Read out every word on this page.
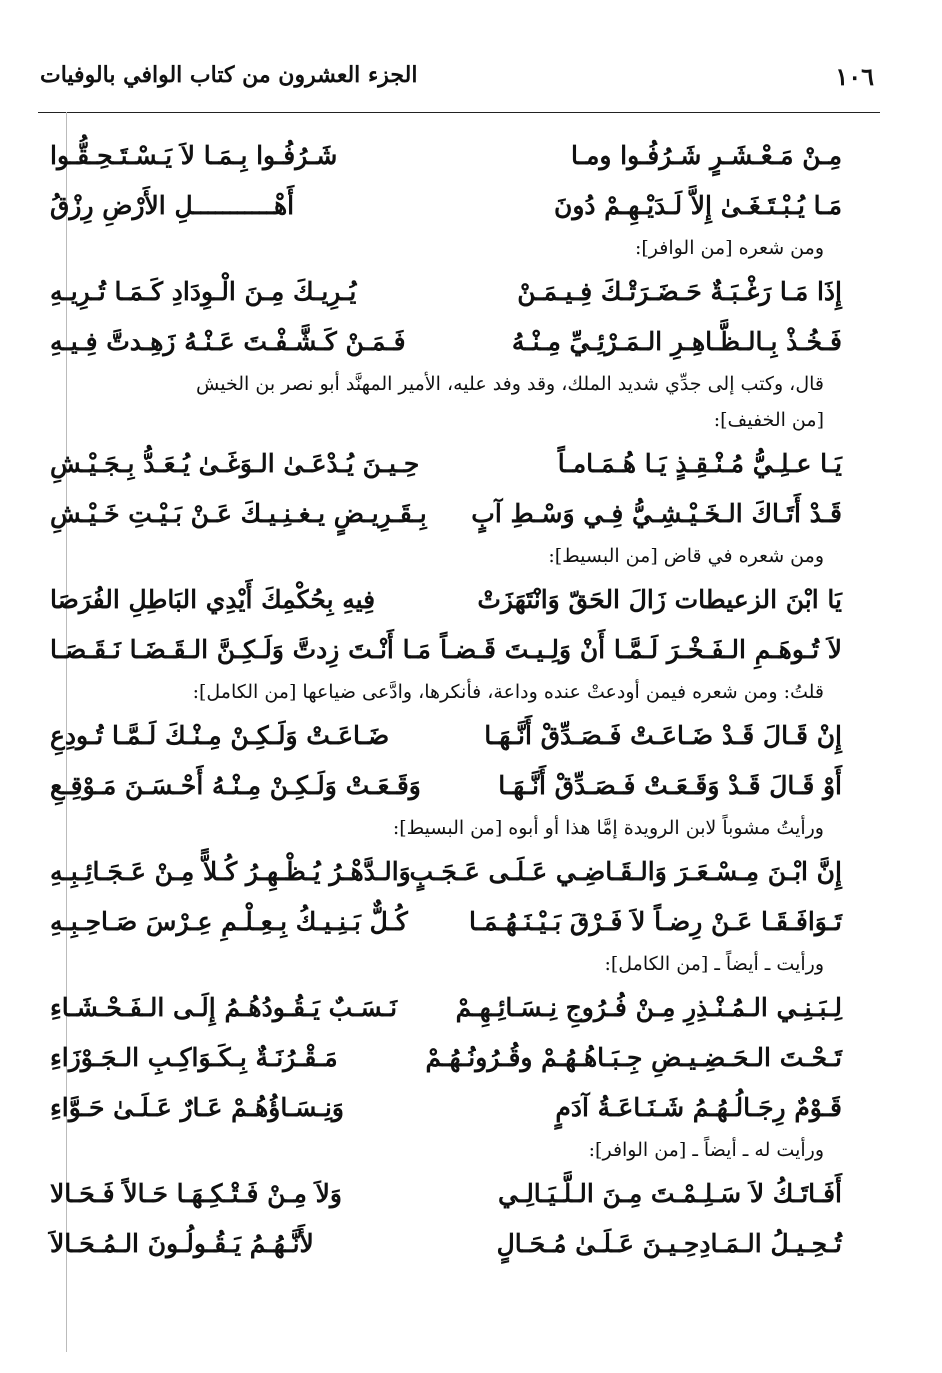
الجزء العشرون من كتاب الوافي بالوفيات	١٠٦
مِـنْ مَـعْـشَـرٍ شَـرُفُـوا ومـا
شَـرُفُـوا بِـمَـا لاَ يَـسْـتَـحِـقُّـوا
مَـا يُـبْـتَـغَـىٰ إِلاَّ لَـدَيْـهِـمْ دُونَ
أَهْـــــــــــلِ الأَرْضِ رِزْقُ
ومن شعره [من الوافر]:
إِذَا مَـا رَغْـبَـةٌ حَـضَـرَتْـكَ فِـيـمَـنْ
يُـرِيـكَ مِـنَ الْـوِدَادِ كَـمَـا تُـرِيـهِ
فَـخُـذْ بِـالـظَّـاهِـرِ الـمَـرْئِـيِّ مِـنْـهُ
فَـمَـنْ كَـشَّـفْـتَ عَـنْـهُ زَهِـدتَّ فِـيـهِ
قال، وكتب إلى جدِّي شديد الملك، وقد وفد عليه، الأمير المهنَّد أبو نصر بن الخيش
[من الخفيف]:
يَـا عـلِـيُّ مُـنْـقِـذٍ يَـا هُـمَـامـاً
حِـيـنَ يُـدْعَـىٰ الـوَغَـىٰ يُـعَـدُّ بِـجَـيْـشِ
قَـدْ أَتَـاكَ الـخَـيْـشِـيُّ فِـي وَسْـطِ آبٍ
بِـقَـرِيـضٍ يـغـنِـيـكَ عَـنْ بَـيْـتِ خَـيْـشِ
ومن شعره في قاض [من البسيط]:
يَا ابْنَ الزعيطات زَالَ الحَقّ وَانْتَهَزَتْ
فِيهِ بِحُكْمِكَ أَيْدِي البَاطِلِ الفُرَصَا
لاَ تُـوهَـمِ الـفَـخْـرَ لَـمَّـا أَنْ وَلِـيـتَ قَـضـاً
مَـا أَنْـتَ زِدتَّ وَلَـكِـنَّ الـقَـضَـا نَـقَـصَـا
قلتُ: ومن شعره فيمن أودعتْ عنده وداعة، فأنكرها، وادَّعى ضياعها [من الكامل]:
إِنْ قَـالَ قَـدْ ضَـاعَـتْ فَـصَـدِّقْ أَنَّـهَـا
ضَـاعَـتْ وَلَـكِـنْ مِـنْـكَ لَـمَّـا تُـودِعِ
أَوْ قَـالَ قَـدْ وَقَـعَـتْ فَـصَـدِّقْ أَنَّـهَـا
وَقَـعَـتْ وَلَـكِـنْ مِـنْـهُ أَحْـسَـنَ مَـوْقِـعِ
ورأيتُ مشوباً لابن الرويدة إمَّا هذا أو أبوه [من البسيط]:
إِنَّ ابْـنَ مِـسْـعَـرَ وَالـقَـاضِـي عَـلَـى عَـجَـبٍ
وَالـدَّهْـرُ يُـظْـهِـرُ كُـلاًّ مِـنْ عَـجَـائِـبِـهِ
تَـوَافَـقَـا عَـنْ رِضـاً لاَ فَـرْقَ بَـيْـنَـهُـمَـا
كُـلٌّ بَـنِـيـكُ بِـعِـلْـمِ عِـرْسَ صَـاحِـبِـهِ
ورأيت ـ أيضاً ـ [من الكامل]:
لِـبَـنِـي الـمُـنْـذِرِ مِـنْ فُـرُوجِ نِـسَـائِـهِـمْ
نَـسَـبٌ يَـقُـودُهُـمُ إِلَـى الـفَـحْـشَـاءِ
تَـحْـتَ الـحَـضِـيـضِ جِـبَـاهُـهُـمْ وقُـرُونُـهُـمْ
مَـقْـرُنَـةٌ بِـكَـوَاكِـبِ الـجَـوْزَاءِ
قَـوْمٌ رِجَـالُـهُـمُ شَـنَـاعَـةُ آدَمٍ
وَنِـسَـاؤُهُـمْ عَـارٌ عَـلَـىٰ حَـوَّاءِ
ورأيت له ـ أيضاً ـ [من الوافر]:
أَفَـاتَـكُ لاَ سَـلِـمْـتَ مِـنَ الـلَّـيَـالِـي
وَلاَ مِـنْ فَـتْـكِـهَـا حَـالاً فَـحَـالا
تُـحِـيـلُ الـمَـادِحِـيـنَ عَـلَـىٰ مُـحَـالٍ
لأَنَّـهُـمُ يَـقُـولُـونَ الـمُـحَـالاَ
